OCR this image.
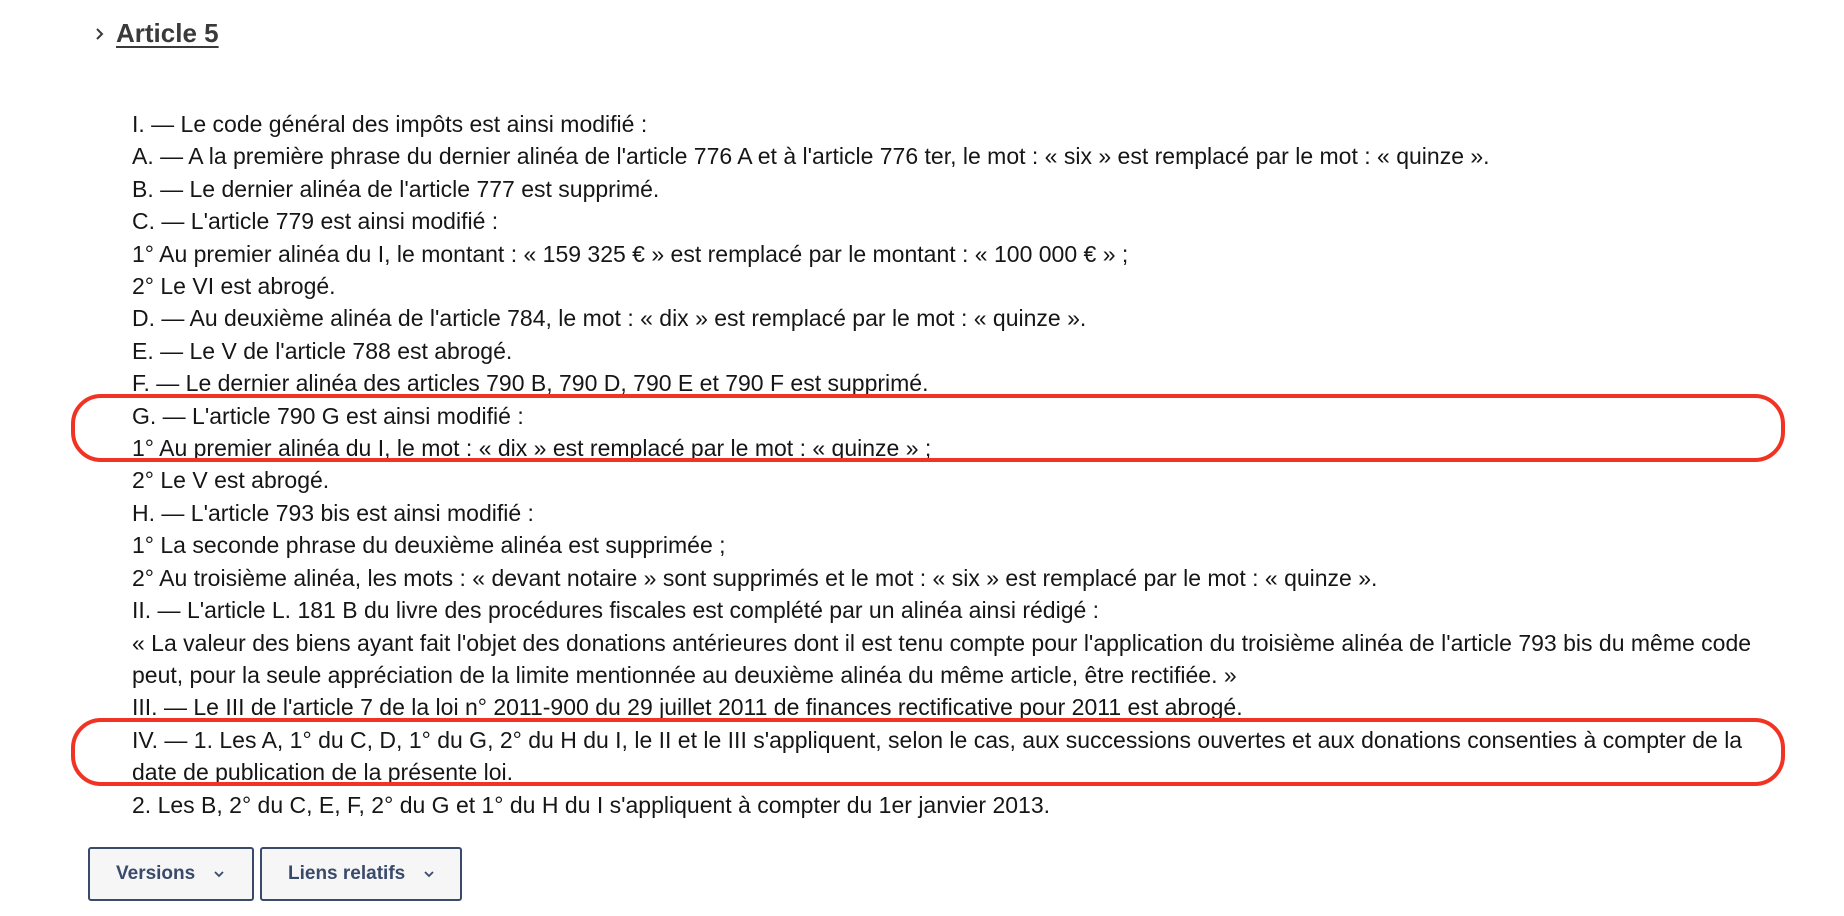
Article 5

I. — Le code général des impôts est ainsi modifié :

A. — A la première phrase du dernier alinéa de l'article 776 A et à l'article 776 ter, le mot : « six » est remplacé par le mot : « quinze ».

B. — Le dernier alinéa de l'article 777 est supprimé.

C. — L'article 779 est ainsi modifié :

1° Au premier alinéa du I, le montant : « 159 325 € » est remplacé par le montant : « 100 000 € » ;

2° Le VI est abrogé.

D. — Au deuxième alinéa de l'article 784, le mot : « dix » est remplacé par le mot : « quinze ».

E. — Le V de l'article 788 est abrogé.

F. — Le dernier alinéa des articles 790 B, 790 D, 790 E et 790 F est supprimé.

G. — L'article 790 G est ainsi modifié :

1° Au premier alinéa du I, le mot : « dix » est remplacé par le mot : « quinze » ;

2° Le V est abrogé.

H. — L'article 793 bis est ainsi modifié :

1° La seconde phrase du deuxième alinéa est supprimée ;

2° Au troisième alinéa, les mots : « devant notaire » sont supprimés et le mot : « six » est remplacé par le mot : « quinze ».

II. — L'article L. 181 B du livre des procédures fiscales est complété par un alinéa ainsi rédigé :

« La valeur des biens ayant fait l'objet des donations antérieures dont il est tenu compte pour l'application du troisième alinéa de l'article 793 bis du même code peut, pour la seule appréciation de la limite mentionnée au deuxième alinéa du même article, être rectifiée. »

III. — Le III de l'article 7 de la loi n° 2011-900 du 29 juillet 2011 de finances rectificative pour 2011 est abrogé.

IV. — 1. Les A, 1° du C, D, 1° du G, 2° du H du I, le II et le III s'appliquent, selon le cas, aux successions ouvertes et aux donations consenties à compter de la date de publication de la présente loi.

2. Les B, 2° du C, E, F, 2° du G et 1° du H du I s'appliquent à compter du 1er janvier 2013.

Versions	Liens relatifs
